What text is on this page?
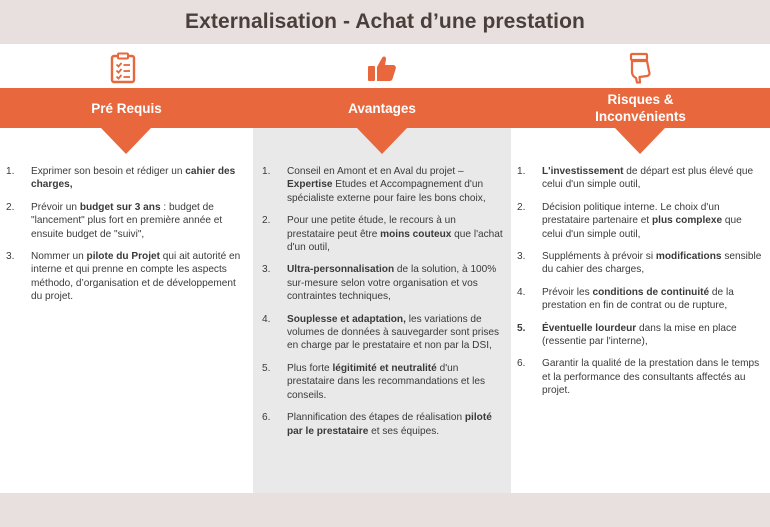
Externalisation - Achat d’une prestation
Pré Requis	Avantages
Risques &
Inconvénients
1. Exprimer son besoin et rédiger un cahier des charges,
2. Prévoir un budget sur 3 ans : budget de "lancement" plus fort en première année et ensuite budget de "suivi",
3. Nommer un pilote du Projet qui ait autorité en interne et qui prenne en compte les aspects méthodo, d’organisation et de développement du projet.
1. Conseil en Amont et en Aval du projet – Expertise Etudes et Accompagnement d'un spécialiste externe pour faire les bons choix,
2. Pour une petite étude, le recours à un prestataire peut être moins couteux que l'achat d'un outil,
3. Ultra-personnalisation de la solution, à 100% sur-mesure selon votre organisation et vos contraintes techniques,
4. Souplesse et adaptation, les variations de volumes de données à sauvegarder sont prises en charge par le prestataire et non par la DSI,
5. Plus forte légitimité et neutralité d'un prestataire dans les recommandations et les conseils.
6. Plannification des étapes de réalisation piloté par le prestataire et ses équipes.
1. L'investissement de départ est plus élevé que celui d'un simple outil,
2. Décision politique interne. Le choix d'un prestataire partenaire et plus complexe que celui d'un simple outil,
3. Suppléments à prévoir si modifications sensible du cahier des charges,
4. Prévoir les conditions de continuité de la prestation en fin de contrat ou de rupture,
5. Éventuelle lourdeur dans la mise en place (ressentie par l'interne),
6. Garantir la qualité de la prestation dans le temps et la performance des consultants affectés au projet.
